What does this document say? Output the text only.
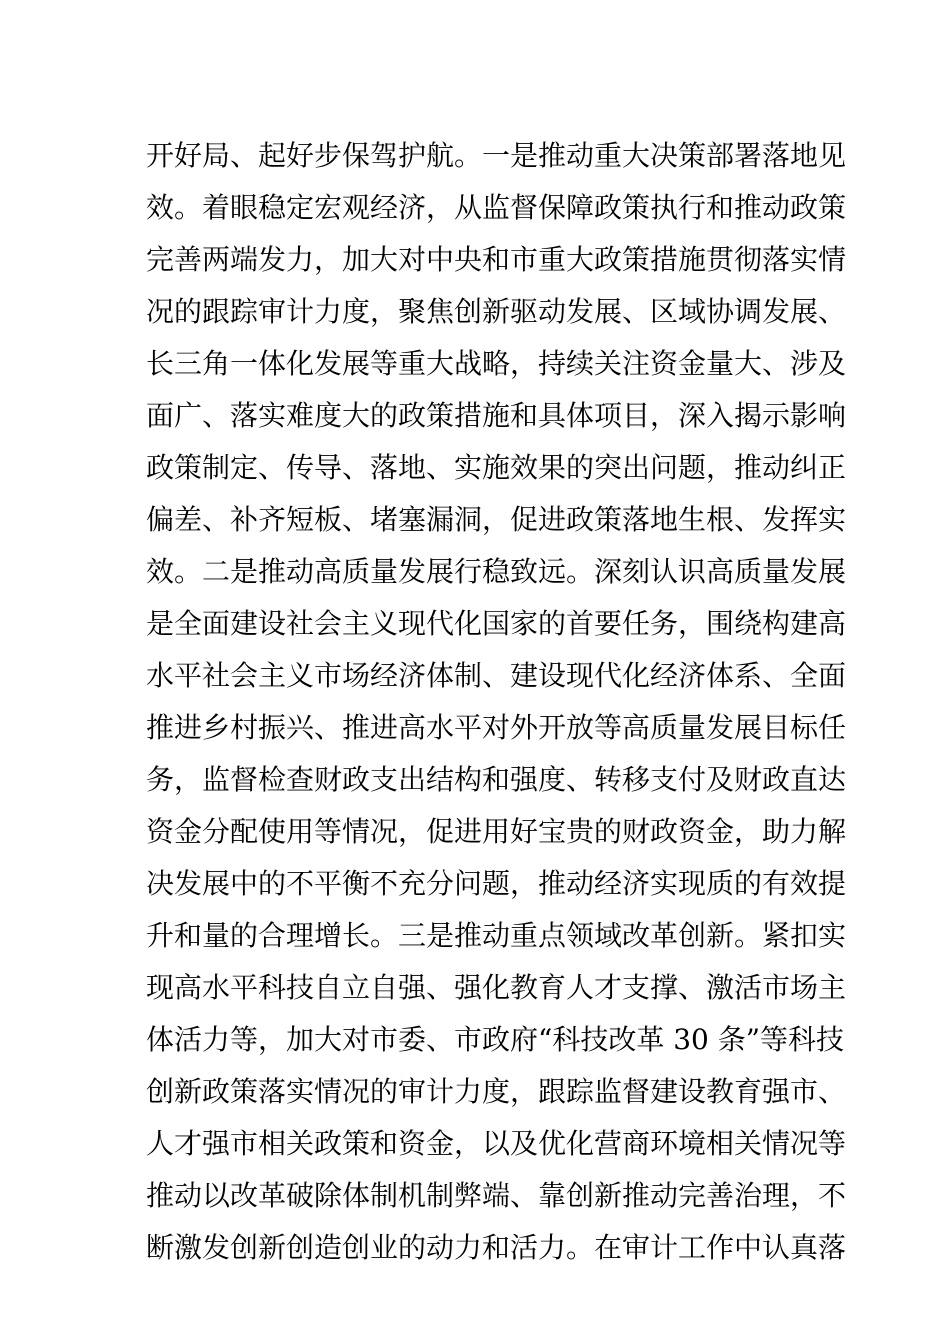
开好局、起好步保驾护航。一是推动重大决策部署落地见
效。着眼稳定宏观经济，从监督保障政策执行和推动政策
完善两端发力，加大对中央和市重大政策措施贯彻落实情
况的跟踪审计力度，聚焦创新驱动发展、区域协调发展、
长三角一体化发展等重大战略，持续关注资金量大、涉及
面广、落实难度大的政策措施和具体项目，深入揭示影响
政策制定、传导、落地、实施效果的突出问题，推动纠正
偏差、补齐短板、堵塞漏洞，促进政策落地生根、发挥实
效。二是推动高质量发展行稳致远。深刻认识高质量发展
是全面建设社会主义现代化国家的首要任务，围绕构建高
水平社会主义市场经济体制、建设现代化经济体系、全面
推进乡村振兴、推进高水平对外开放等高质量发展目标任
务，监督检查财政支出结构和强度、转移支付及财政直达
资金分配使用等情况，促进用好宝贵的财政资金，助力解
决发展中的不平衡不充分问题，推动经济实现质的有效提
升和量的合理增长。三是推动重点领域改革创新。紧扣实
现高水平科技自立自强、强化教育人才支撑、激活市场主
体活力等，加大对市委、市政府“科技改革 30 条”等科技
创新政策落实情况的审计力度，跟踪监督建设教育强市、
人才强市相关政策和资金，以及优化营商环境相关情况等
推动以改革破除体制机制弊端、靠创新推动完善治理，不
断激发创新创造创业的动力和活力。在审计工作中认真落
